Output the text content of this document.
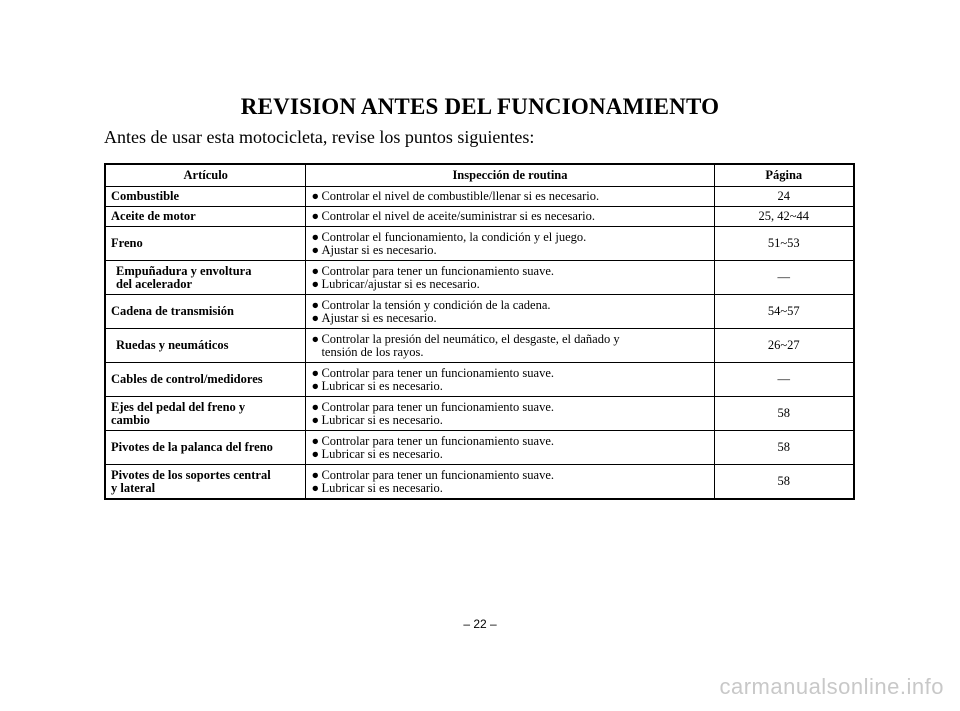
REVISION ANTES DEL FUNCIONAMIENTO
Antes de usar esta motocicleta, revise los puntos siguientes:
Artículo	Inspección de routina	Página

Combustible	● Controlar el nivel de combustible/llenar si es necesario.	24

Aceite de motor	● Controlar el nivel de aceite/suministrar si es necesario.	25, 42~44

Freno	● Controlar el funcionamiento, la condición y el juego.
● Ajustar si es necesario.	51~53

Empuñadura y envoltura
del acelerador	● Controlar para tener un funcionamiento suave.
● Lubricar/ajustar si es necesario.	—

Cadena de transmisión	● Controlar la tensión y condición de la cadena.
● Ajustar si es necesario.	54~57

Ruedas y neumáticos	● Controlar la presión del neumático, el desgaste, el dañado y
tensión de los rayos.	26~27

Cables de control/medidores	● Controlar para tener un funcionamiento suave.
● Lubricar si es necesario.	—

Ejes del pedal del freno y
cambio	● Controlar para tener un funcionamiento suave.
● Lubricar si es necesario.	58

Pivotes de la palanca del freno	● Controlar para tener un funcionamiento suave.
● Lubricar si es necesario.	58

Pivotes de los soportes central
y lateral	● Controlar para tener un funcionamiento suave.
● Lubricar si es necesario.	58
– 22 –
carmanualsonline.info
